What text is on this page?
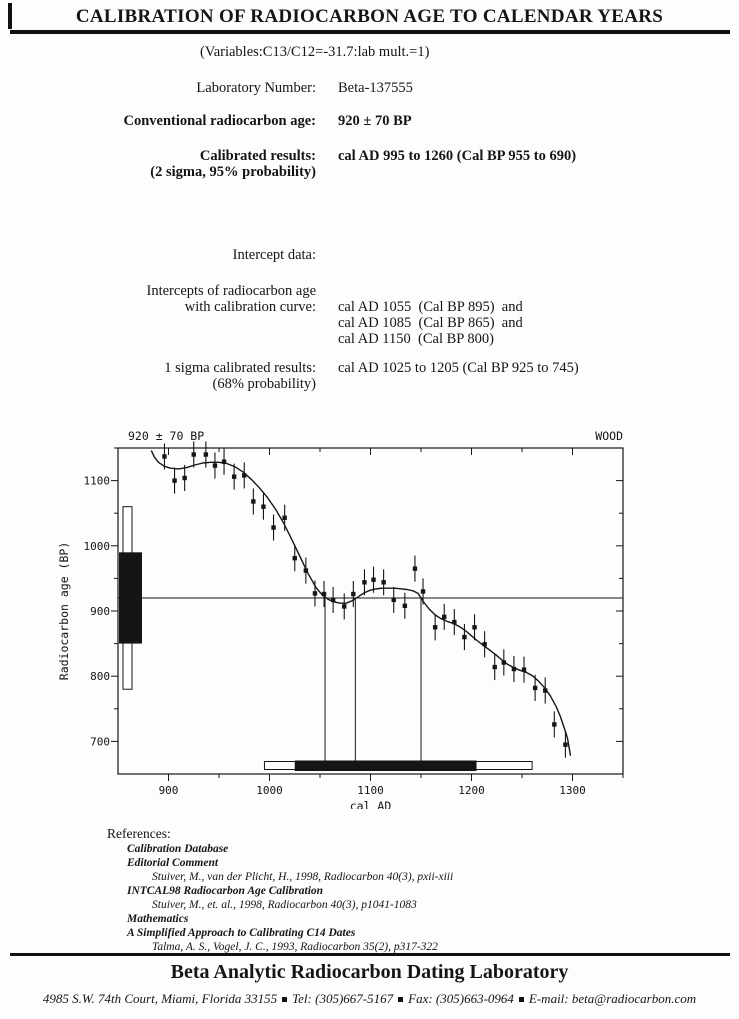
CALIBRATION OF RADIOCARBON AGE TO CALENDAR YEARS
(Variables:C13/C12=-31.7:lab mult.=1)
Laboratory Number: Beta-137555
Conventional radiocarbon age: 920 ± 70 BP
Calibrated results:
(2 sigma, 95% probability)
cal AD 995 to 1260 (Cal BP 955 to 690)
Intercept data:
Intercepts of radiocarbon age
with calibration curve: cal AD 1055  (Cal BP 895)  and
cal AD 1085  (Cal BP 865)  and
cal AD 1150  (Cal BP 800)
1 sigma calibrated results:
(68% probability)
cal AD 1025 to 1205 (Cal BP 925 to 745)
900	1000	1100	1200	1300
700
800
900
1000
1100
920 ± 70 BP	WOOD
cal AD
Radiocarbon age (BP)
References:
Calibration Database
Editorial Comment
Stuiver, M., van der Plicht, H., 1998, Radiocarbon 40(3), pxii-xiii
INTCAL98 Radiocarbon Age Calibration
Stuiver, M., et. al., 1998, Radiocarbon 40(3), p1041-1083
Mathematics
A Simplified Approach to Calibrating C14 Dates
Talma, A. S., Vogel, J. C., 1993, Radiocarbon 35(2), p317-322
Beta Analytic Radiocarbon Dating Laboratory
4985 S.W. 74th Court, Miami, Florida 33155 Tel: (305)667-5167 Fax: (305)663-0964 E-mail: beta@radiocarbon.com
